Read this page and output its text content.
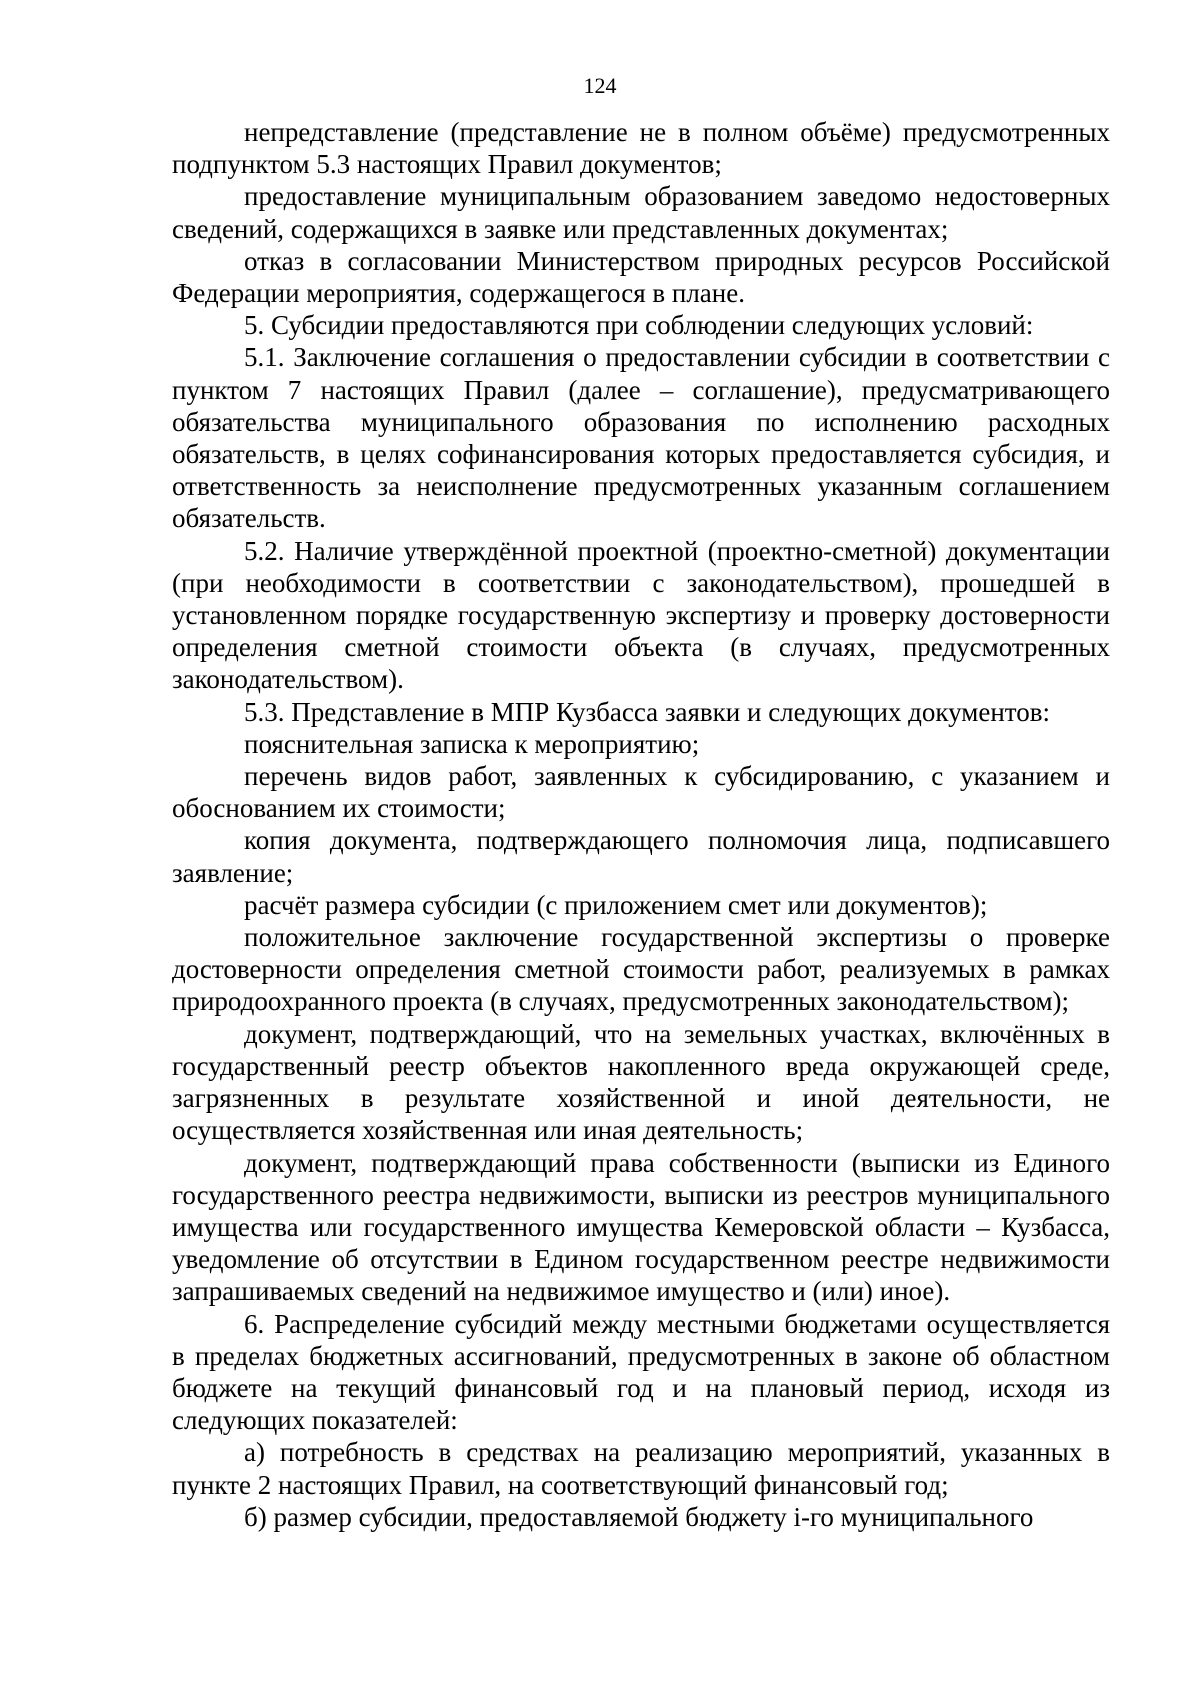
124

непредставление (представление не в полном объёме) предусмотренных подпунктом 5.3 настоящих Правил документов;

предоставление муниципальным образованием заведомо недостоверных сведений, содержащихся в заявке или представленных документах;

отказ в согласовании Министерством природных ресурсов Российской Федерации мероприятия, содержащегося в плане.

5. Субсидии предоставляются при соблюдении следующих условий:

5.1. Заключение соглашения о предоставлении субсидии в соответствии с пунктом 7 настоящих Правил (далее – соглашение), предусматривающего обязательства муниципального образования по исполнению расходных обязательств, в целях софинансирования которых предоставляется субсидия, и ответственность за неисполнение предусмотренных указанным соглашением обязательств.

5.2. Наличие утверждённой проектной (проектно-сметной) документации (при необходимости в соответствии с законодательством), прошедшей в установленном порядке государственную экспертизу и проверку достоверности определения сметной стоимости объекта (в случаях, предусмотренных законодательством).

5.3. Представление в МПР Кузбасса заявки и следующих документов:

пояснительная записка к мероприятию;

перечень видов работ, заявленных к субсидированию, с указанием и обоснованием их стоимости;

копия документа, подтверждающего полномочия лица, подписавшего заявление;

расчёт размера субсидии (с приложением смет или документов);

положительное заключение государственной экспертизы о проверке достоверности определения сметной стоимости работ, реализуемых в рамках природоохранного проекта (в случаях, предусмотренных законодательством);

документ, подтверждающий, что на земельных участках, включённых в государственный реестр объектов накопленного вреда окружающей среде, загрязненных в результате хозяйственной и иной деятельности, не осуществляется хозяйственная или иная деятельность;

документ, подтверждающий права собственности (выписки из Единого государственного реестра недвижимости, выписки из реестров муниципального имущества или государственного имущества Кемеровской области – Кузбасса, уведомление об отсутствии в Едином государственном реестре недвижимости запрашиваемых сведений на недвижимое имущество и (или) иное).

6. Распределение субсидий между местными бюджетами осуществляется в пределах бюджетных ассигнований, предусмотренных в законе об областном бюджете на текущий финансовый год и на плановый период, исходя из следующих показателей:

а) потребность в средствах на реализацию мероприятий, указанных в пункте 2 настоящих Правил, на соответствующий финансовый год;

б) размер субсидии, предоставляемой бюджету i-го муниципального
